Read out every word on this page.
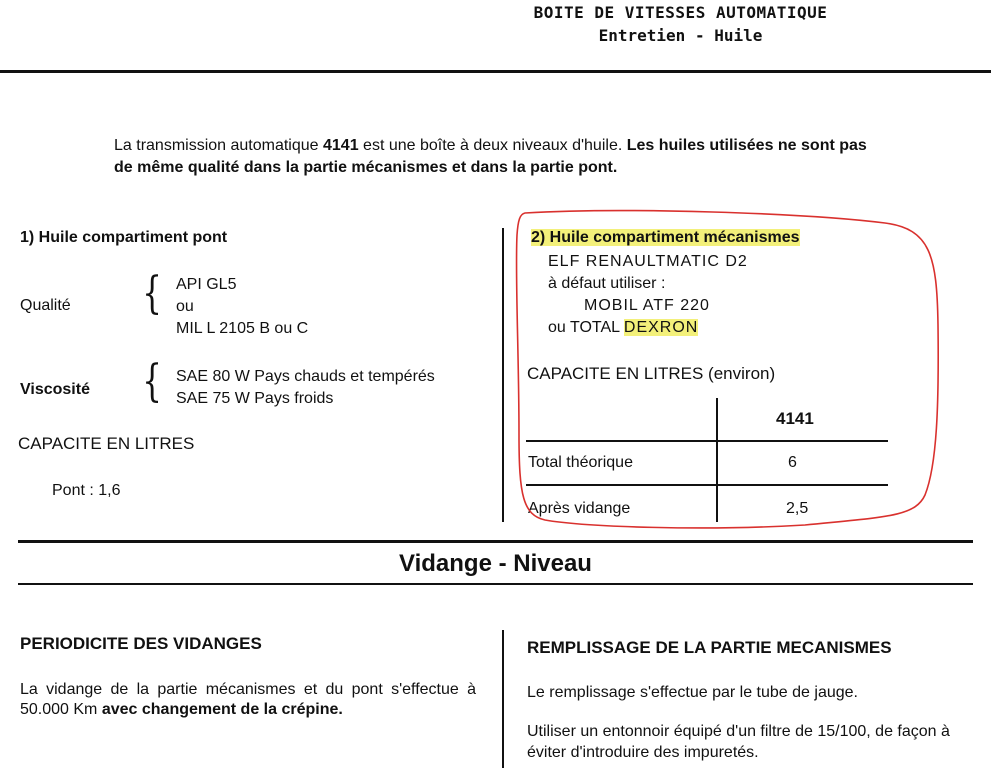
BOITE DE VITESSES AUTOMATIQUE
Entretien - Huile
La transmission automatique 4141 est une boîte à deux niveaux d'huile. Les huiles utilisées ne sont pas de même qualité dans la partie mécanismes et dans la partie pont.
1) Huile compartiment pont
Qualité { API GL5
ou
MIL L 2105 B ou C
Viscosité { SAE 80 W Pays chauds et tempérés
SAE 75 W Pays froids
CAPACITE EN LITRES
Pont : 1,6
2) Huile compartiment mécanismes
ELF RENAULTMATIC D2
à défaut utiliser :
MOBIL ATF 220
ou TOTAL DEXRON
CAPACITE EN LITRES (environ)
4141
Total théorique	6
Après vidange	2,5
Vidange - Niveau
PERIODICITE DES VIDANGES
La vidange de la partie mécanismes et du pont s'effectue à 50.000 Km avec changement de la crépine.
REMPLISSAGE DE LA PARTIE MECANISMES
Le remplissage s'effectue par le tube de jauge.
Utiliser un entonnoir équipé d'un filtre de 15/100, de façon à éviter d'introduire des impuretés.
